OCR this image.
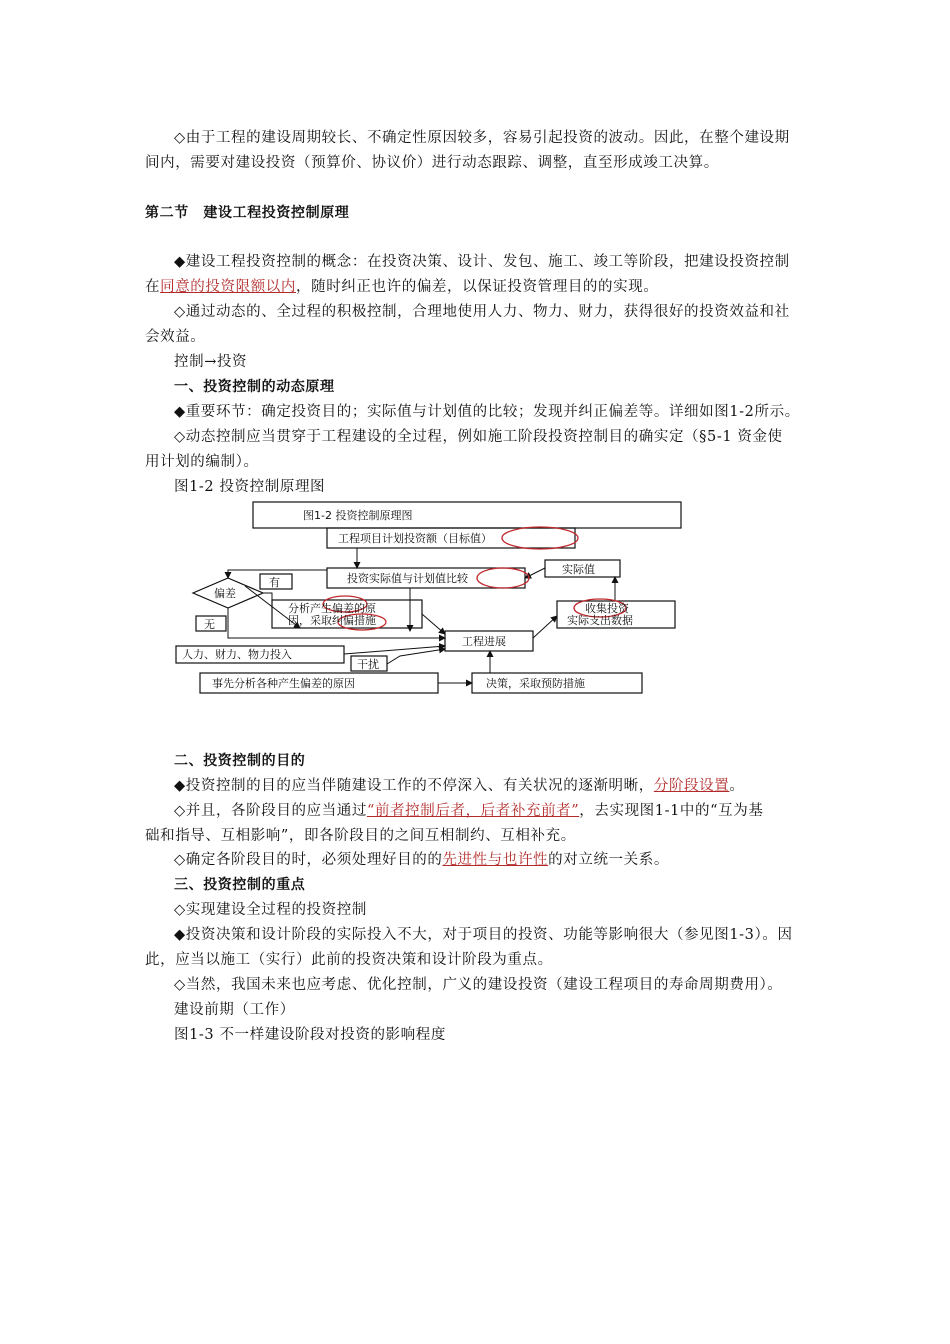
◇由于工程的建设周期较长、不确定性原因较多，容易引起投资的波动。因此，在整个建设期
间内，需要对建设投资（预算价、协议价）进行动态跟踪、调整，直至形成竣工决算。
第二节　建设工程投资控制原理
◆建设工程投资控制的概念：在投资决策、设计、发包、施工、竣工等阶段，把建设投资控制
在同意的投资限额以内，随时纠正也许的偏差，以保证投资管理目的的实现。
◇通过动态的、全过程的积极控制，合理地使用人力、物力、财力，获得很好的投资效益和社
会效益。
控制→投资
一、投资控制的动态原理
◆重要环节：确定投资目的；实际值与计划值的比较；发现并纠正偏差等。详细如图1-2所示。
◇动态控制应当贯穿于工程建设的全过程，例如施工阶段投资控制目的确实定（§5-1 资金使
用计划的编制）。
图1-2 投资控制原理图
图1-2 投资控制原理图
工程项目计划投资额（目标值）
投资实际值与计划值比较
实际值
偏差
有
无
分析产生偏差的原
因，采取纠偏措施
收集投资
实际支出数据
工程进展
人力、财力、物力投入
干扰
事先分析各种产生偏差的原因	决策，采取预防措施
二、投资控制的目的
◆投资控制的目的应当伴随建设工作的不停深入、有关状况的逐渐明晰，分阶段设置。
◇并且，各阶段目的应当通过“前者控制后者，后者补充前者”，去实现图1-1中的“互为基
础和指导、互相影响”，即各阶段目的之间互相制约、互相补充。
◇确定各阶段目的时，必须处理好目的的先进性与也许性的对立统一关系。
三、投资控制的重点
◇实现建设全过程的投资控制
◆投资决策和设计阶段的实际投入不大，对于项目的投资、功能等影响很大（参见图1-3）。因
此，应当以施工（实行）此前的投资决策和设计阶段为重点。
◇当然，我国未来也应考虑、优化控制，广义的建设投资（建设工程项目的寿命周期费用）。
建设前期（工作）
图1-3 不一样建设阶段对投资的影响程度
